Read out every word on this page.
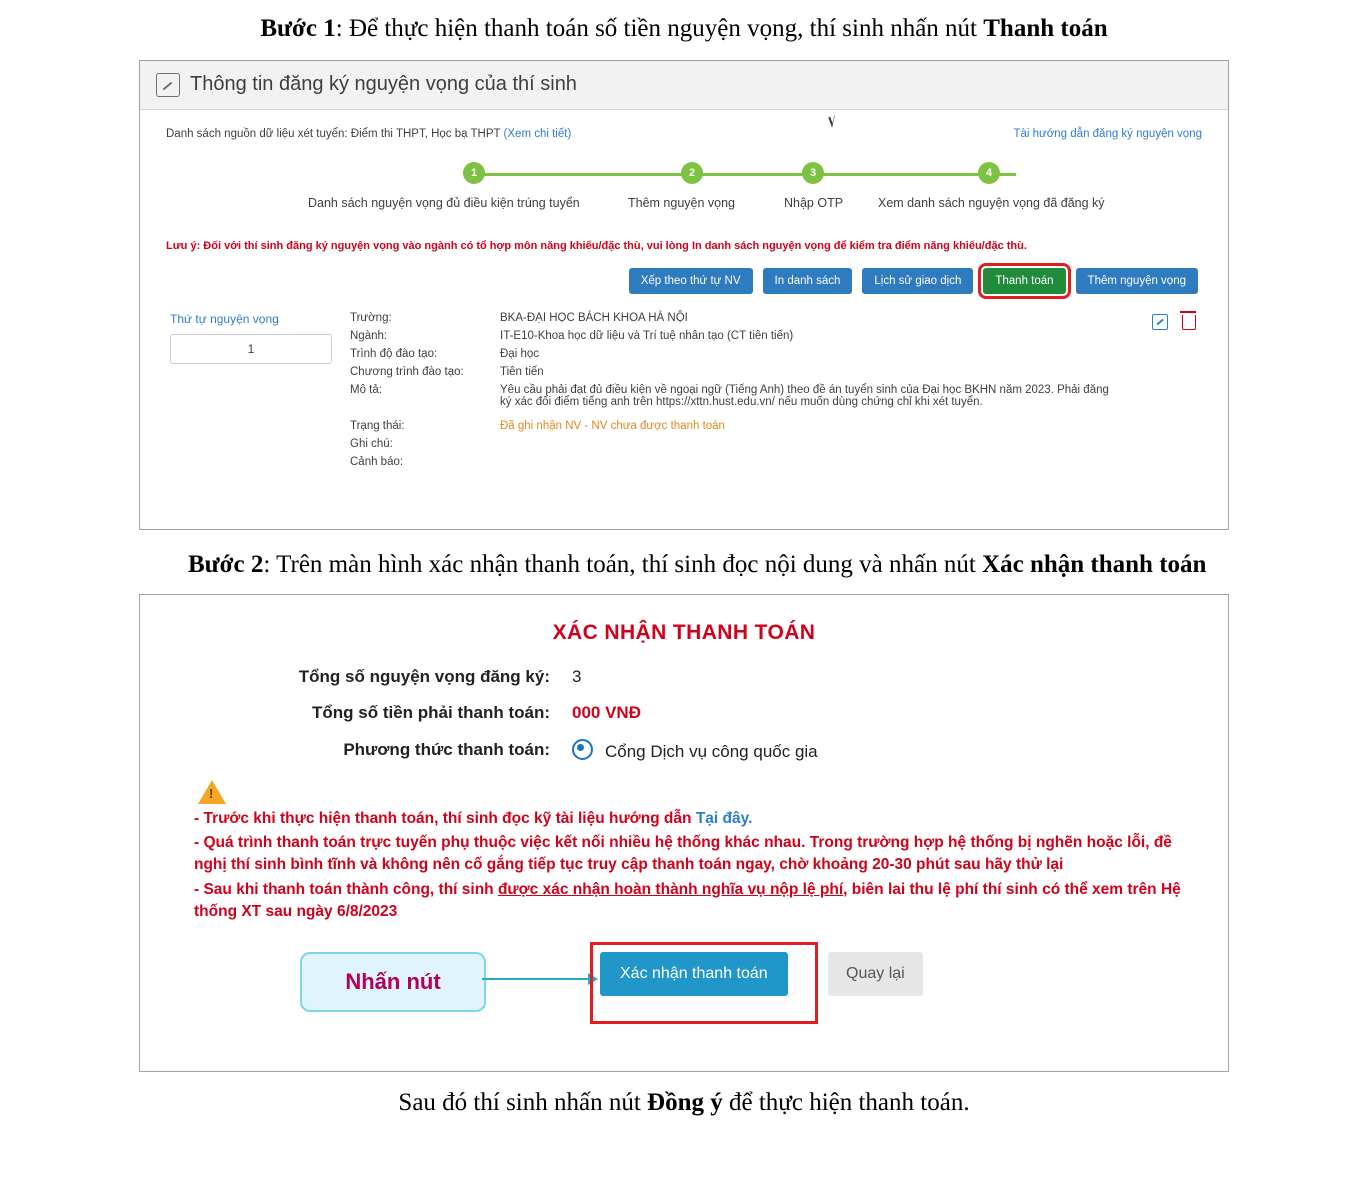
Bước 1: Để thực hiện thanh toán số tiền nguyện vọng, thí sinh nhấn nút Thanh toán
Thông tin đăng ký nguyện vọng của thí sinh
Danh sách nguồn dữ liệu xét tuyển: Điểm thi THPT, Học bạ THPT (Xem chi tiết)	Tài hướng dẫn đăng ký nguyện vọng
1	2	3	4
Danh sách nguyện vọng đủ điều kiện trúng tuyển	Thêm nguyện vọng	Nhập OTP	Xem danh sách nguyện vọng đã đăng ký
Lưu ý: Đối với thí sinh đăng ký nguyện vọng vào ngành có tổ hợp môn năng khiếu/đặc thù, vui lòng In danh sách nguyện vọng để kiểm tra điểm năng khiếu/đặc thù.
Xếp theo thứ tự NV	In danh sách	Lịch sử giao dịch	Thanh toán	Thêm nguyện vọng
Thứ tự nguyện vọng
1
Trường:	BKA-ĐẠI HỌC BÁCH KHOA HÀ NỘI
Ngành:	IT-E10-Khoa học dữ liệu và Trí tuệ nhân tạo (CT tiên tiến)
Trình độ đào tạo:	Đại học
Chương trình đào tạo:	Tiên tiến
Mô tả:	Yêu cầu phải đạt đủ điều kiện về ngoại ngữ (Tiếng Anh) theo đề án tuyển sinh của Đại học BKHN năm 2023. Phải đăng ký xác đổi điểm tiếng anh trên https://xttn.hust.edu.vn/ nếu muốn dùng chứng chỉ khi xét tuyển.
Trạng thái:	Đã ghi nhận NV - NV chưa được thanh toán
Ghi chú:
Cảnh báo:
Bước 2: Trên màn hình xác nhận thanh toán, thí sinh đọc nội dung và nhấn nút Xác nhận thanh toán
XÁC NHẬN THANH TOÁN
Tổng số nguyện vọng đăng ký:	3
Tổng số tiền phải thanh toán:	000 VNĐ
Phương thức thanh toán:	Cổng Dịch vụ công quốc gia
!

- Trước khi thực hiện thanh toán, thí sinh đọc kỹ tài liệu hướng dẫn Tại đây.

- Quá trình thanh toán trực tuyến phụ thuộc việc kết nối nhiều hệ thống khác nhau. Trong trường hợp hệ thống bị nghẽn hoặc lỗi, đề nghị thí sinh bình tĩnh và không nên cố gắng tiếp tục truy cập thanh toán ngay, chờ khoảng 20-30 phút sau hãy thử lại

- Sau khi thanh toán thành công, thí sinh được xác nhận hoàn thành nghĩa vụ nộp lệ phí, biên lai thu lệ phí thí sinh có thể xem trên Hệ thống XT sau ngày 6/8/2023

Nhấn nút	Xác nhận thanh toán	Quay lại
Sau đó thí sinh nhấn nút Đồng ý để thực hiện thanh toán.
